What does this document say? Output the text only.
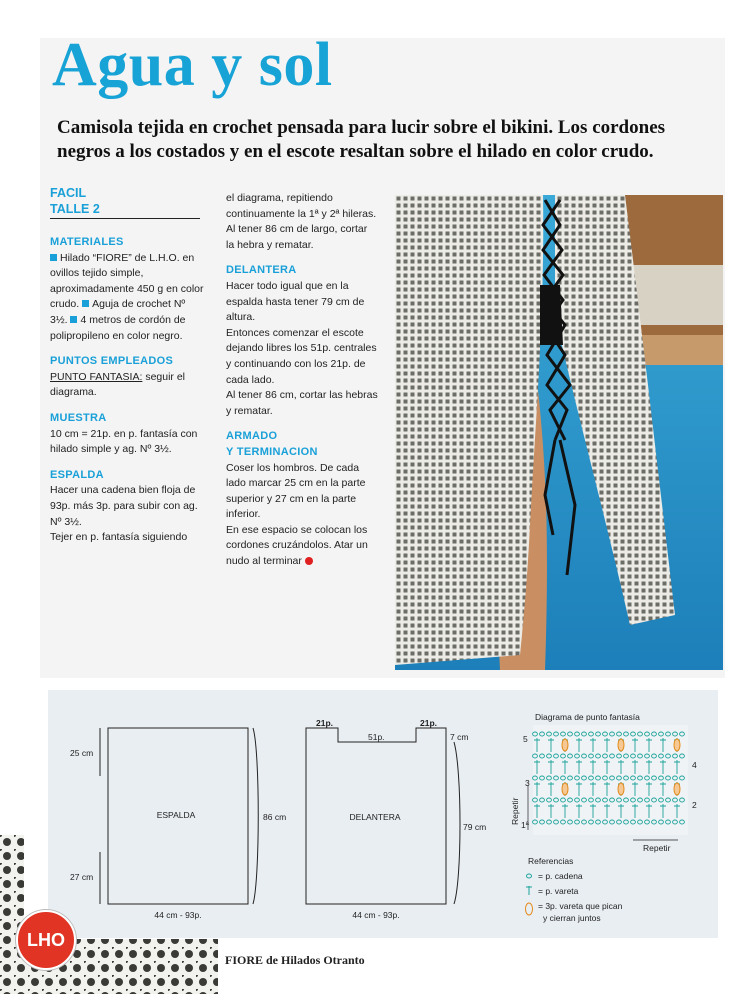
Agua y sol
Camisola tejida en crochet pensada para lucir sobre el bikini. Los cordones negros a los costados y en el escote resaltan sobre el hilado en color crudo.
FACIL
TALLE 2
MATERIALES
Hilado “FIORE” de L.H.O. en ovillos tejido simple, aproximadamente 450 g en color crudo. Aguja de crochet Nº 3½. 4 metros de cordón de polipropileno en color negro.
PUNTOS EMPLEADOS
PUNTO FANTASIA: seguir el diagrama.
MUESTRA
10 cm = 21p. en p. fantasía con hilado simple y ag. Nº 3½.
ESPALDA
Hacer una cadena bien floja de 93p. más 3p. para subir con ag. Nº 3½.
Tejer en p. fantasía siguiendo
el diagrama, repitiendo continuamente la 1ª y 2ª hileras.
Al tener 86 cm de largo, cortar la hebra y rematar.
DELANTERA
Hacer todo igual que en la espalda hasta tener 79 cm de altura.
Entonces comenzar el escote dejando libres los 51p. centrales y continuando con los 21p. de cada lado.
Al tener 86 cm, cortar las hebras y rematar.
ARMADO
Y TERMINACION
Coser los hombros. De cada lado marcar 25 cm en la parte superior y 27 cm en la parte inferior.
En ese espacio se colocan los cordones cruzándolos. Atar un nudo al terminar
ESPALDA
25 cm
27 cm
86 cm
44 cm - 93p.
DELANTERA
21p.	21p.
51p.	7 cm
79 cm
44 cm - 93p.
Diagrama de punto fantasía
5
4
3
2
1ª
Repetir
Repetir
Referencias
= p. cadena
= p. vareta
= 3p. vareta que pican
y cierran juntos
LHO
FIORE de Hilados Otranto
